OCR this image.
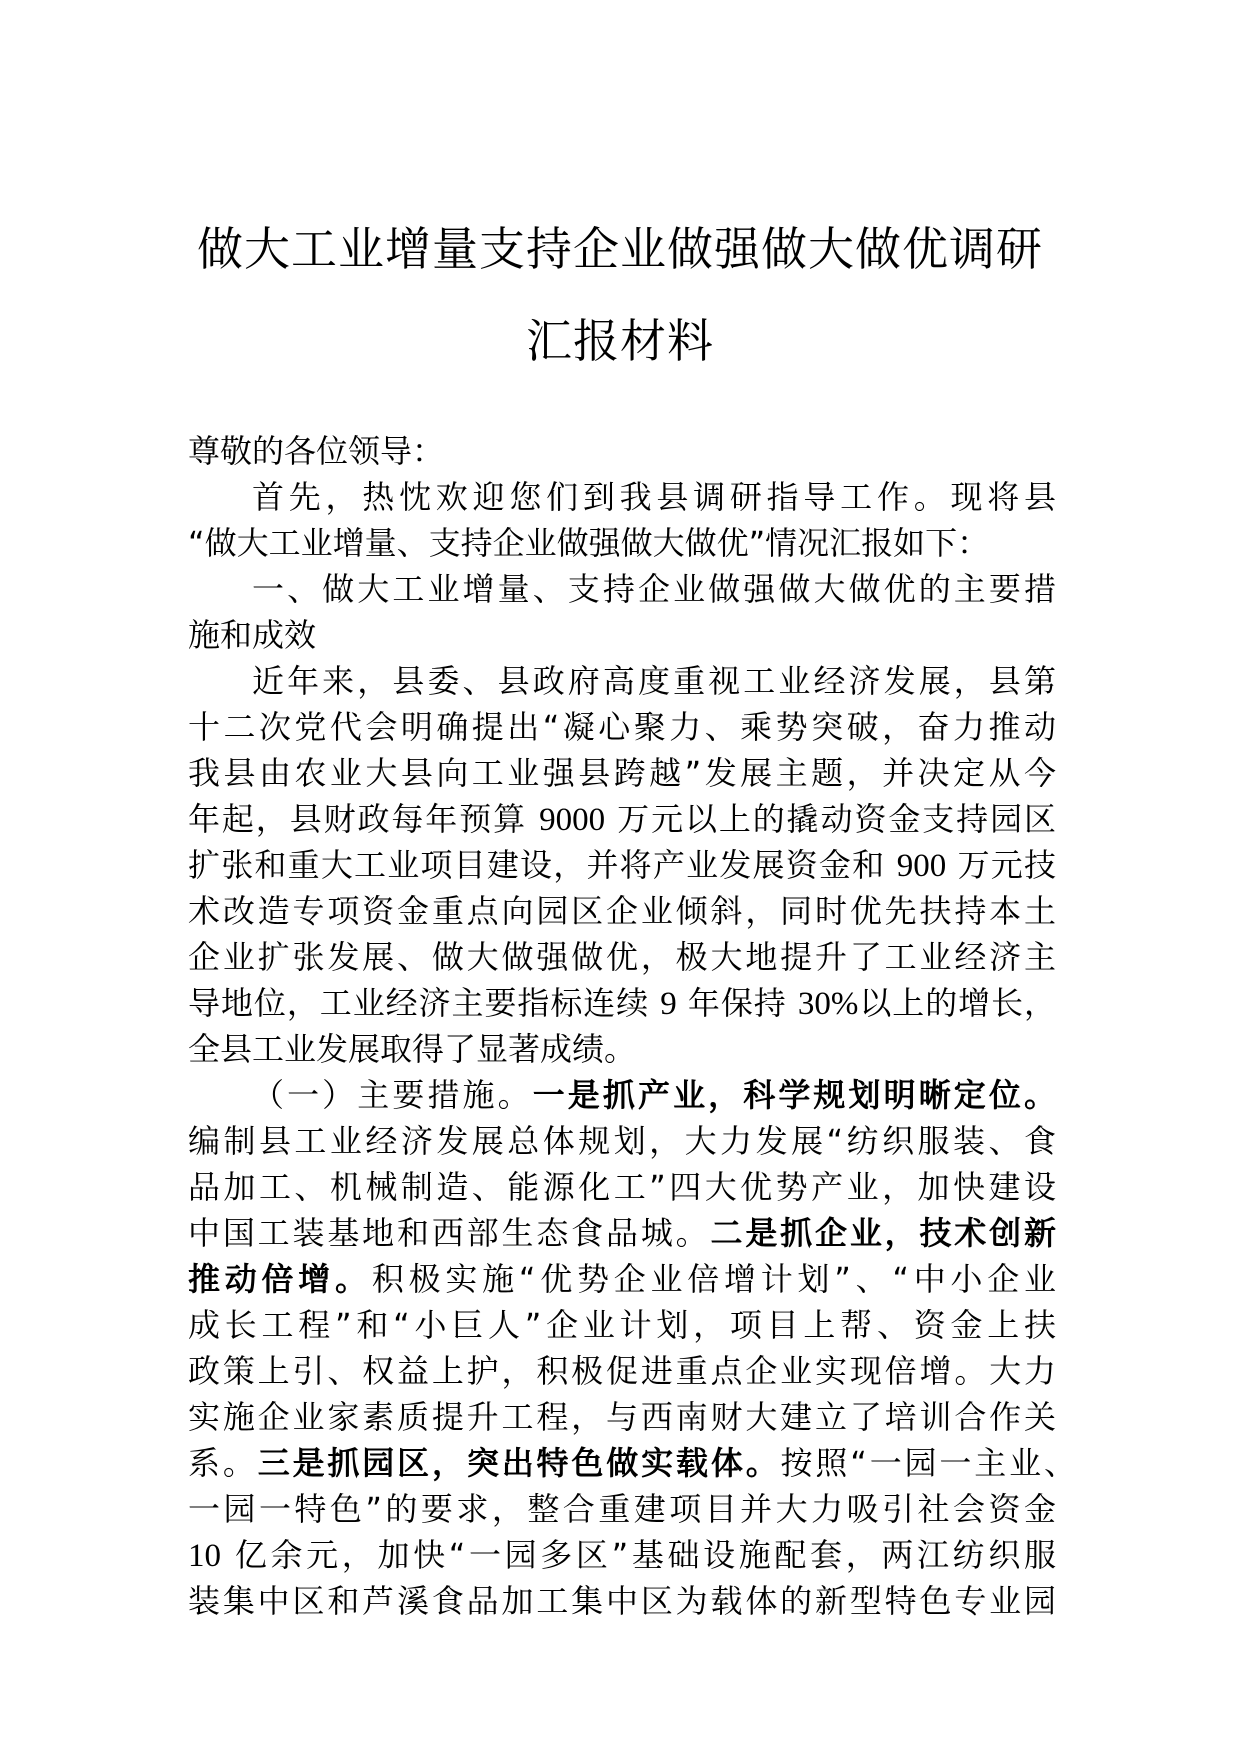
做大工业增量支持企业做强做大做优调研
汇报材料
尊敬的各位领导：
首先，热忱欢迎您们到我县调研指导工作。现将县
“做大工业增量、支持企业做强做大做优”情况汇报如下：
一、做大工业增量、支持企业做强做大做优的主要措
施和成效
近年来，县委、县政府高度重视工业经济发展，县第
十二次党代会明确提出“凝心聚力、乘势突破，奋力推动
我县由农业大县向工业强县跨越”发展主题，并决定从今
年起，县财政每年预算 9000 万元以上的撬动资金支持园区
扩张和重大工业项目建设，并将产业发展资金和 900 万元技
术改造专项资金重点向园区企业倾斜，同时优先扶持本土
企业扩张发展、做大做强做优，极大地提升了工业经济主
导地位，工业经济主要指标连续 9 年保持 30%以上的增长，
全县工业发展取得了显著成绩。
（一）主要措施。一是抓产业，科学规划明晰定位。
编制县工业经济发展总体规划，大力发展“纺织服装、食
品加工、机械制造、能源化工”四大优势产业，加快建设
中国工装基地和西部生态食品城。二是抓企业，技术创新
推动倍增。积极实施“优势企业倍增计划”、“中小企业
成长工程”和“小巨人”企业计划，项目上帮、资金上扶
政策上引、权益上护，积极促进重点企业实现倍增。大力
实施企业家素质提升工程，与西南财大建立了培训合作关
系。三是抓园区，突出特色做实载体。按照“一园一主业、
一园一特色”的要求，整合重建项目并大力吸引社会资金
10 亿余元，加快“一园多区”基础设施配套，两江纺织服
装集中区和芦溪食品加工集中区为载体的新型特色专业园
